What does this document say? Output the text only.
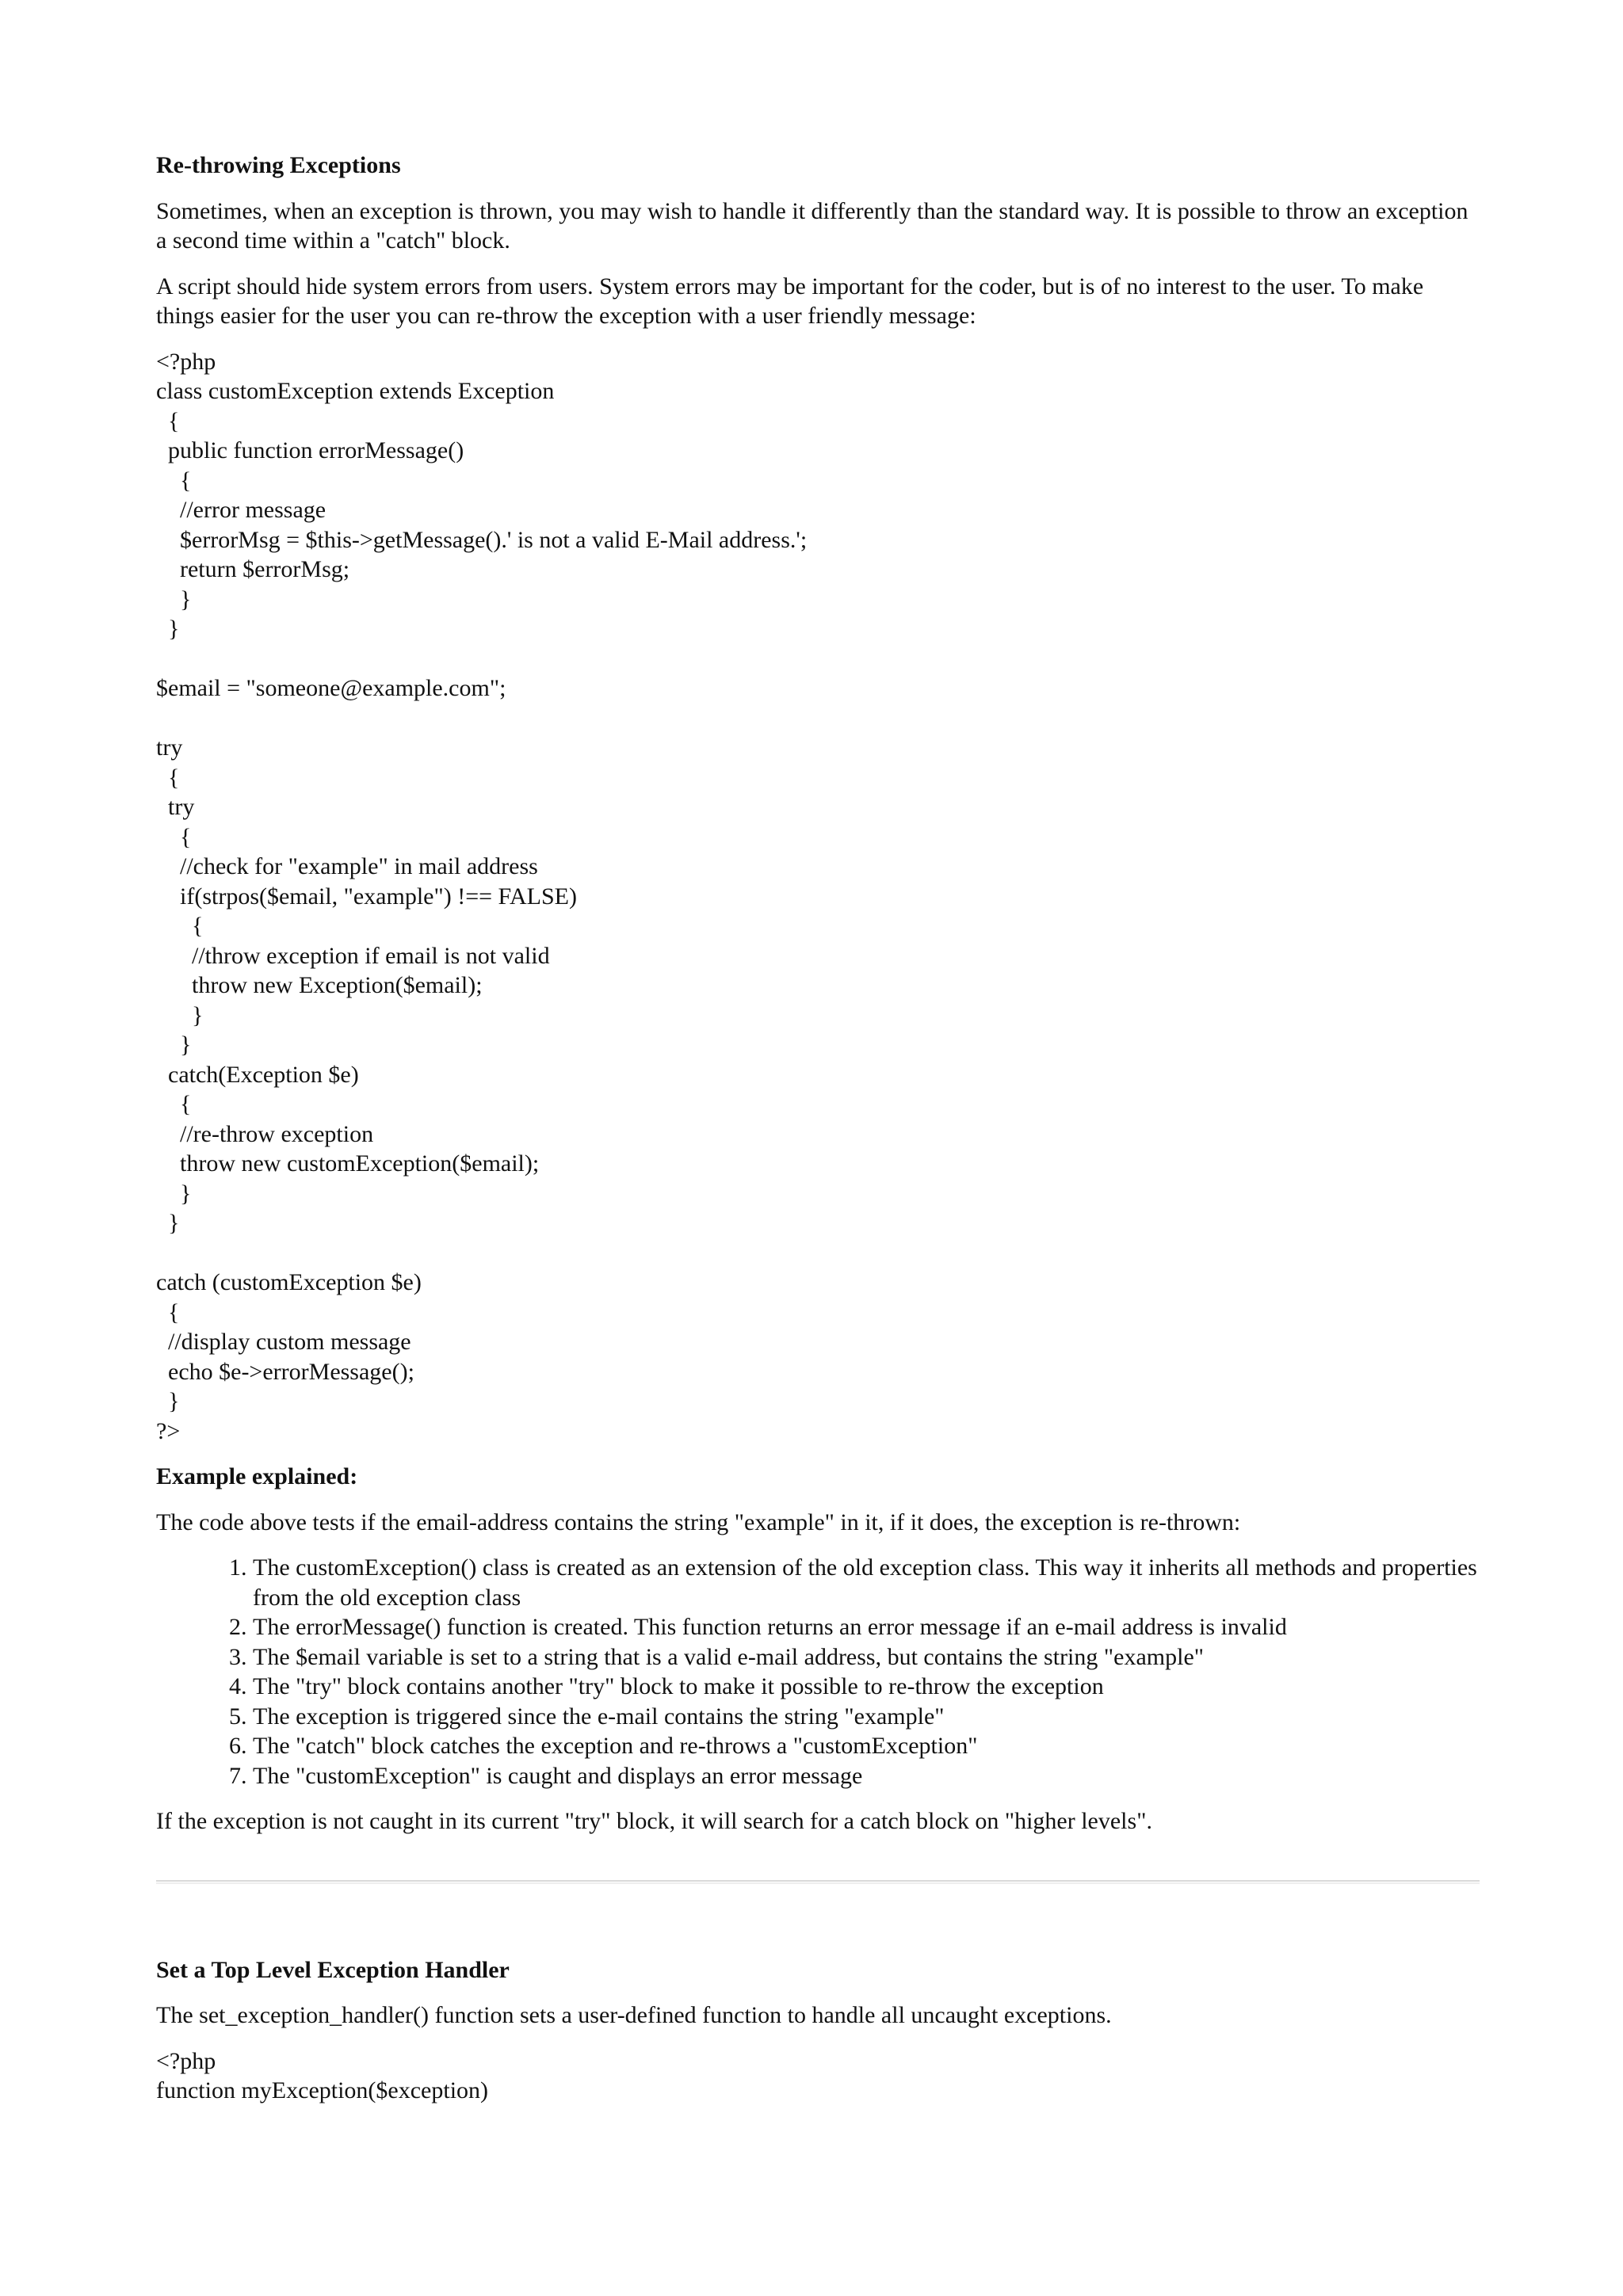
Re-throwing Exceptions

Sometimes, when an exception is thrown, you may wish to handle it differently than the standard way. It is possible to throw an exception a second time within a "catch" block.

A script should hide system errors from users. System errors may be important for the coder, but is of no interest to the user. To make things easier for the user you can re-throw the exception with a user friendly message:

<?php
class customException extends Exception
{
public function errorMessage()
{
//error message
$errorMsg = $this->getMessage().' is not a valid E-Mail address.';
return $errorMsg;
}
}

$email = "someone@example.com";

try
{
try
{
//check for "example" in mail address
if(strpos($email, "example") !== FALSE)
{
//throw exception if email is not valid
throw new Exception($email);
}
}
catch(Exception $e)
{
//re-throw exception
throw new customException($email);
}
}

catch (customException $e)
{
//display custom message
echo $e->errorMessage();
}
?>
Example explained:

The code above tests if the email-address contains the string "example" in it, if it does, the exception is re-thrown:

1. The customException() class is created as an extension of the old exception class. This way it inherits all methods and properties from the old exception class
2. The errorMessage() function is created. This function returns an error message if an e-mail address is invalid
3. The $email variable is set to a string that is a valid e-mail address, but contains the string "example"
4. The "try" block contains another "try" block to make it possible to re-throw the exception
5. The exception is triggered since the e-mail contains the string "example"
6. The "catch" block catches the exception and re-throws a "customException"
7. The "customException" is caught and displays an error message

If the exception is not caught in its current "try" block, it will search for a catch block on "higher levels".

Set a Top Level Exception Handler

The set_exception_handler() function sets a user-defined function to handle all uncaught exceptions.

<?php
function myException($exception)
